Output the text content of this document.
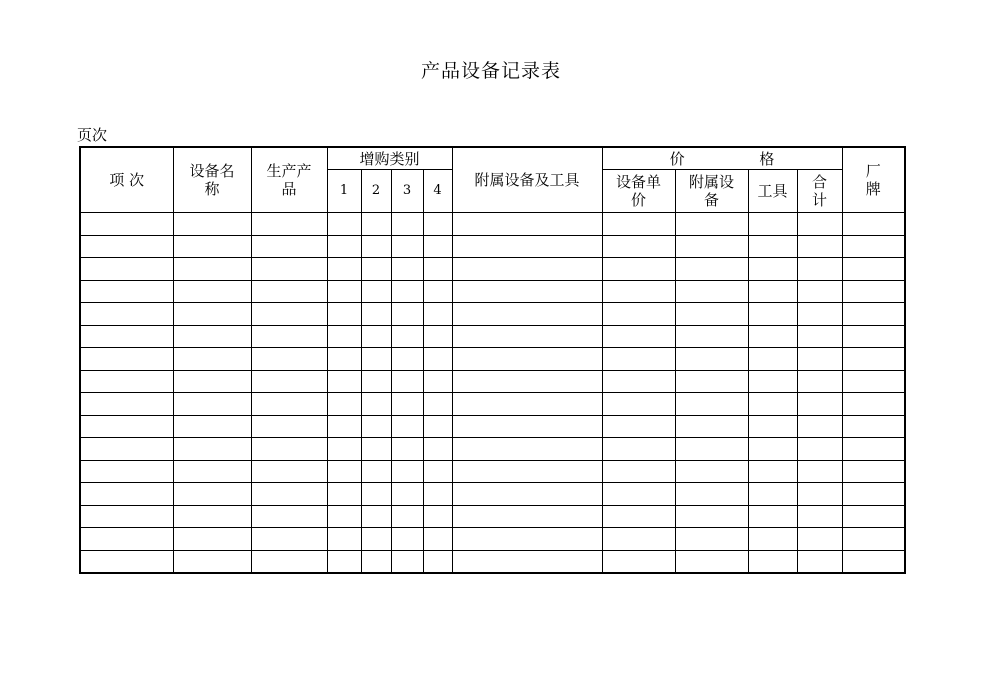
产品设备记录表
页次
项 次	设备名称	生产产品	增购类别				附属设备及工具	价 格				厂牌

			1	2	3	4		设备单价	附属设备	工具	合计	
